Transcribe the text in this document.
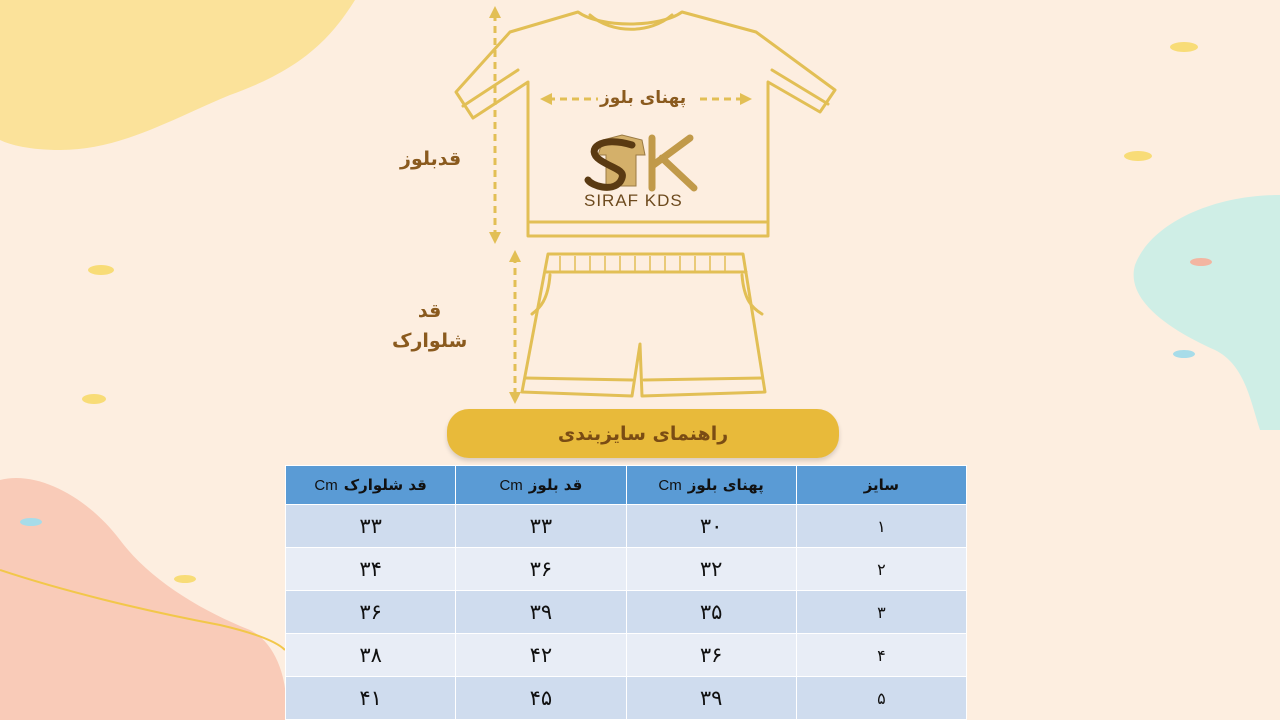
پهنای بلوز
قدبلوز
قد
شلوارک
SIRAF KDS
راهنمای سایزبندی
سایز	پهنای بلوزCm	قد بلوزCm	قد شلوارکCm
۱	۳۰	۳۳	۳۳
۲	۳۲	۳۶	۳۴
۳	۳۵	۳۹	۳۶
۴	۳۶	۴۲	۳۸
۵	۳۹	۴۵	۴۱
